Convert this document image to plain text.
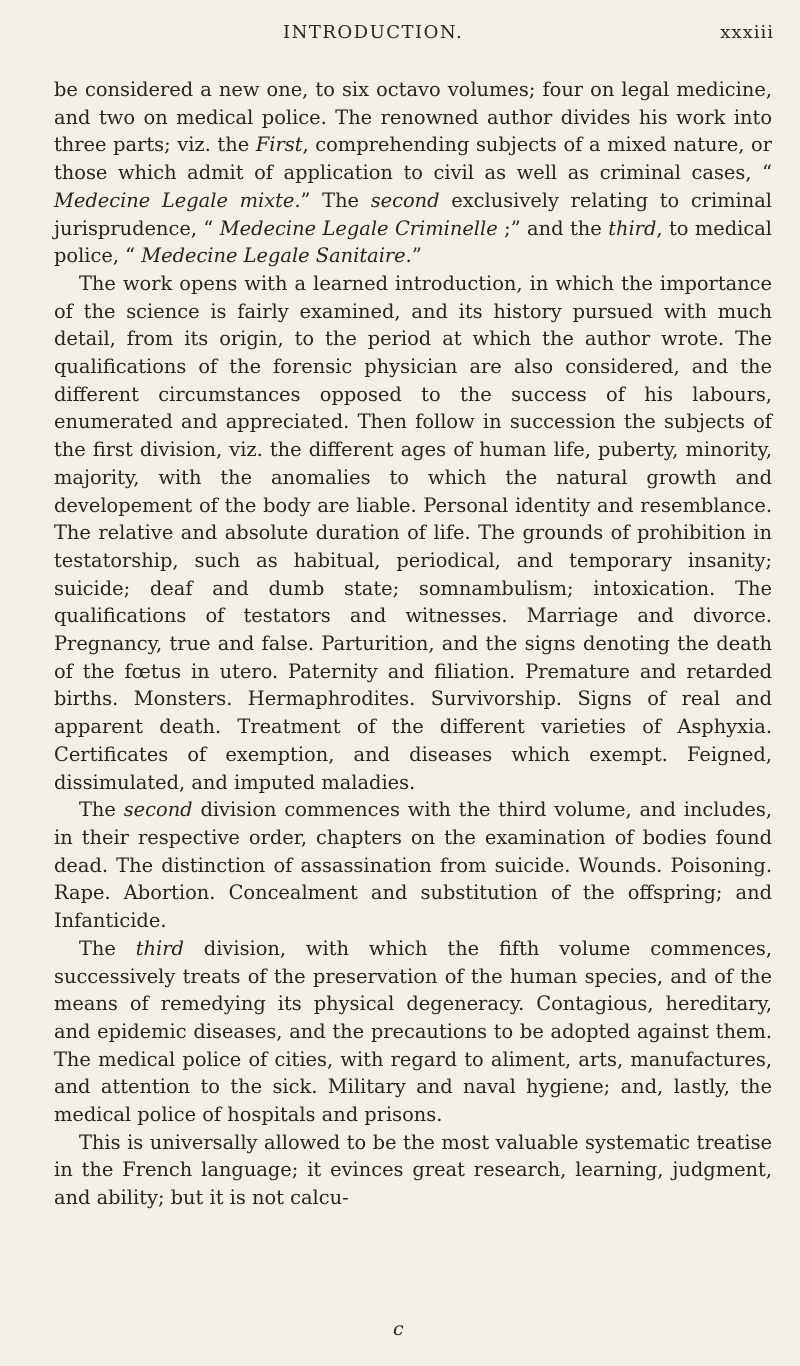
INTRODUCTION.	xxxiii

be considered a new one, to six octavo volumes; four on legal medicine, and two on medical police. The renowned author divides his work into three parts; viz. the First, comprehending subjects of a mixed nature, or those which admit of application to civil as well as criminal cases, “ Medecine Legale mixte.” The second exclusively relating to criminal jurisprudence, “ Medecine Legale Criminelle ;” and the third, to medical police, “ Medecine Legale Sanitaire.”

The work opens with a learned introduction, in which the importance of the science is fairly examined, and its history pursued with much detail, from its origin, to the period at which the author wrote. The qualifications of the forensic physician are also considered, and the different circumstances opposed to the success of his labours, enumerated and appreciated. Then follow in succession the subjects of the first division, viz. the different ages of human life, puberty, minority, majority, with the anomalies to which the natural growth and developement of the body are liable. Personal identity and resemblance. The relative and absolute duration of life. The grounds of prohibition in testatorship, such as habitual, periodical, and temporary insanity; suicide; deaf and dumb state; somnambulism; intoxication. The qualifications of testators and witnesses. Marriage and divorce. Pregnancy, true and false. Parturition, and the signs denoting the death of the fœtus in utero. Paternity and filiation. Premature and retarded births. Monsters. Hermaphrodites. Survivorship. Signs of real and apparent death. Treatment of the different varieties of Asphyxia. Certificates of exemption, and diseases which exempt. Feigned, dissimulated, and imputed maladies.

The second division commences with the third volume, and includes, in their respective order, chapters on the examination of bodies found dead. The distinction of assassination from suicide. Wounds. Poisoning. Rape. Abortion. Concealment and substitution of the offspring; and Infanticide.

The third division, with which the fifth volume commences, successively treats of the preservation of the human species, and of the means of remedying its physical degeneracy. Contagious, hereditary, and epidemic diseases, and the precautions to be adopted against them. The medical police of cities, with regard to aliment, arts, manufactures, and attention to the sick. Military and naval hygiene; and, lastly, the medical police of hospitals and prisons.

This is universally allowed to be the most valuable systematic treatise in the French language; it evinces great research, learning, judgment, and ability; but it is not calcu-

c
